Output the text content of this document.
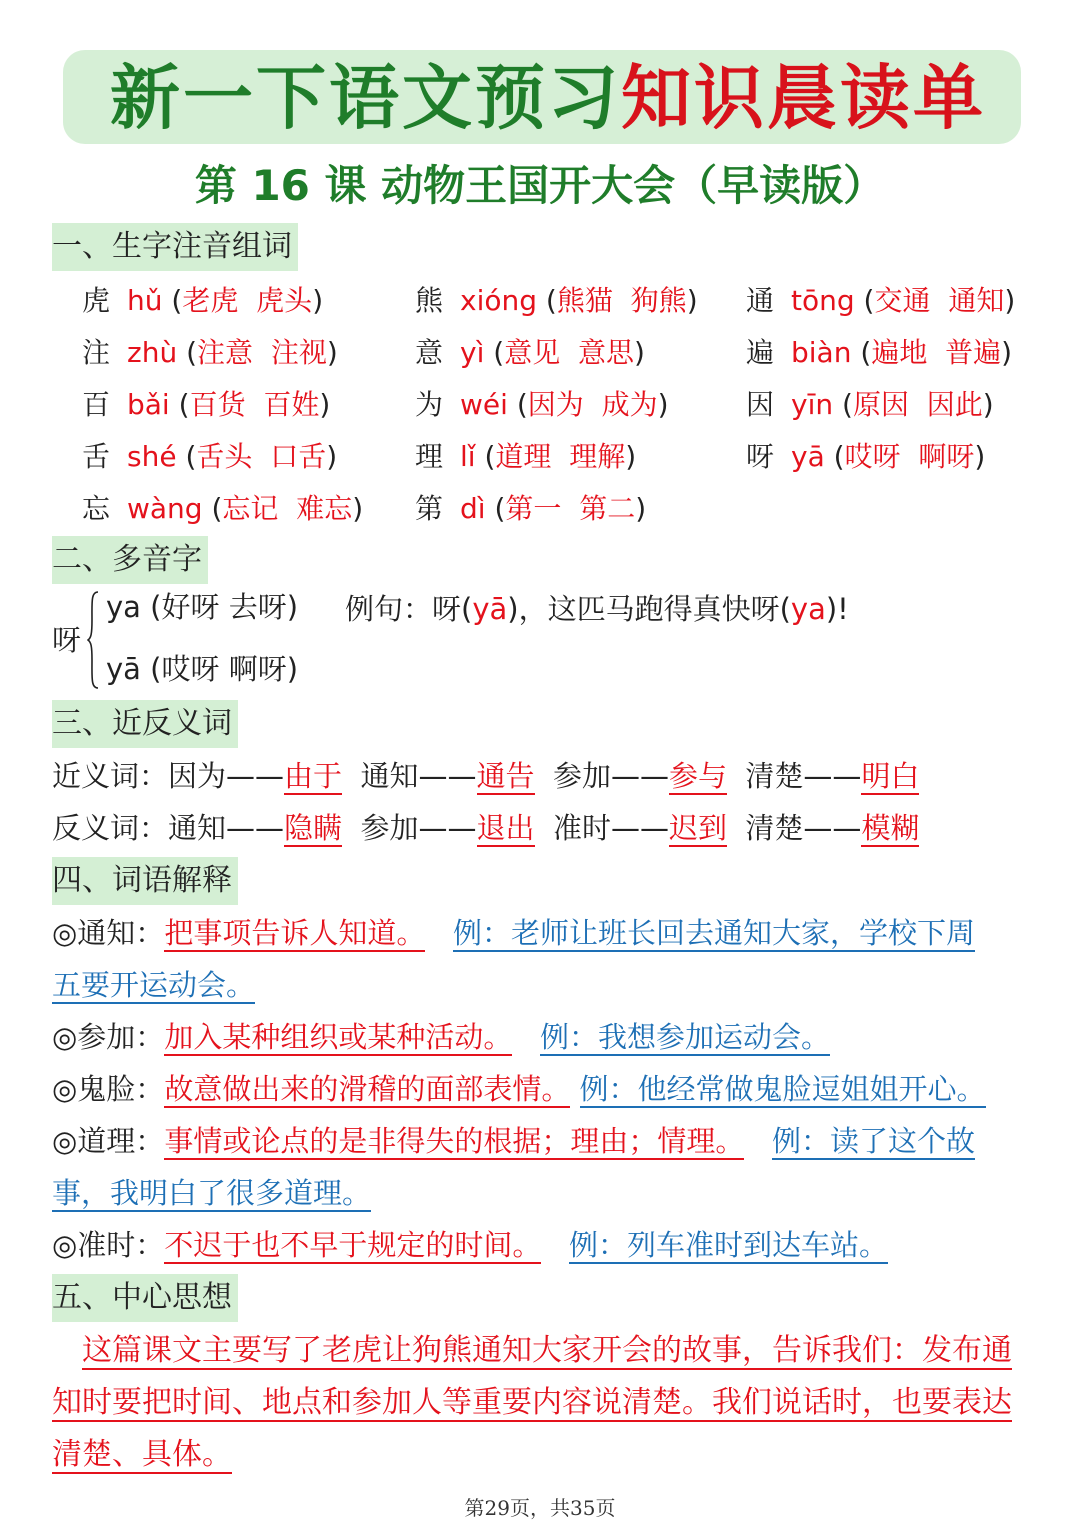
新一下语文预习知识晨读单
第 16 课 动物王国开大会（早读版）
一、生字注音组词
虎 hǔ (老虎 虎头)	熊 xióng (熊猫 狗熊) 通 tōng (交通 通知)
注 zhù (注意 注视)	意 yì (意见 意思)	遍 biàn (遍地 普遍)
百 bǎi (百货 百姓)	为 wéi (因为 成为)	因 yīn (原因 因此)
舌 shé (舌头 口舌)	理 lǐ (道理 理解)	呀 yā (哎呀 啊呀)
忘 wàng (忘记 难忘) 第 dì (第一 第二)
二、多音字
呀
ya (好呀 去呀)
yā (哎呀 啊呀)
例句：呀(yā)，这匹马跑得真快呀(ya)!
三、近反义词
近义词：因为——由于 通知——通告 参加——参与 清楚——明白
反义词：通知——隐瞒 参加——退出 准时——迟到 清楚——模糊
四、词语解释
◎通知：把事项告诉人知道。 例：老师让班长回去通知大家，学校下周
五要开运动会。
◎参加：加入某种组织或某种活动。 例：我想参加运动会。
◎鬼脸：故意做出来的滑稽的面部表情。 例：他经常做鬼脸逗姐姐开心。
◎道理：事情或论点的是非得失的根据；理由；情理。 例：读了这个故
事，我明白了很多道理。
◎准时：不迟于也不早于规定的时间。 例：列车准时到达车站。
五、中心思想
这篇课文主要写了老虎让狗熊通知大家开会的故事，告诉我们：发布通
知时要把时间、地点和参加人等重要内容说清楚。我们说话时，也要表达
清楚、具体。
第29页，共35页
